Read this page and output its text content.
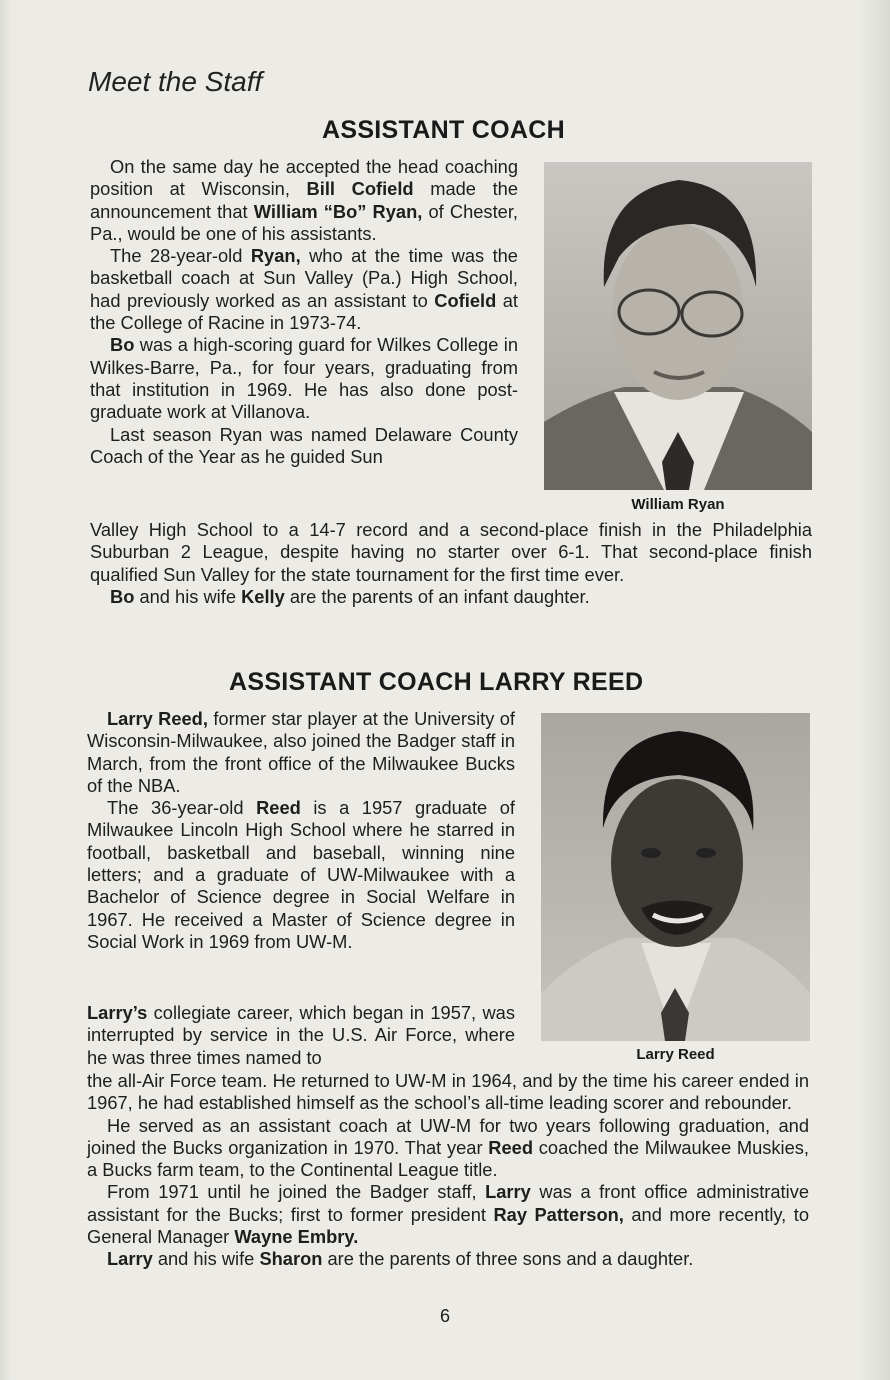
Meet the Staff
ASSISTANT COACH
William Ryan

On the same day he accepted the head coaching position at Wisconsin, Bill Cofield made the announcement that William “Bo” Ryan, of Chester, Pa., would be one of his assistants.

The 28-year-old Ryan, who at the time was the basketball coach at Sun Valley (Pa.) High School, had previously worked as an assistant to Cofield at the College of Racine in 1973-74.

Bo was a high-scoring guard for Wilkes College in Wilkes-Barre, Pa., for four years, graduating from that institution in 1969. He has also done post-graduate work at Villanova.

Last season Ryan was named Delaware County Coach of the Year as he guided Sun

Valley High School to a 14-7 record and a second-place finish in the Philadelphia Suburban 2 League, despite having no starter over 6-1. That second-place finish qualified Sun Valley for the state tournament for the first time ever.

Bo and his wife Kelly are the parents of an infant daughter.

ASSISTANT COACH LARRY REED
Larry Reed

Larry Reed, former star player at the University of Wisconsin-Milwaukee, also joined the Badger staff in March, from the front office of the Milwaukee Bucks of the NBA.

The 36-year-old Reed is a 1957 graduate of Milwaukee Lincoln High School where he starred in football, basketball and baseball, winning nine letters; and a graduate of UW-Milwaukee with a Bachelor of Science degree in Social Welfare in 1967. He received a Master of Science degree in Social Work in 1969 from UW-M.

Larry’s collegiate career, which began in 1957, was interrupted by service in the U.S. Air Force, where he was three times named to

the all-Air Force team. He returned to UW-M in 1964, and by the time his career ended in 1967, he had established himself as the school’s all-time leading scorer and rebounder.

He served as an assistant coach at UW-M for two years following graduation, and joined the Bucks organization in 1970. That year Reed coached the Milwaukee Muskies, a Bucks farm team, to the Continental League title.

From 1971 until he joined the Badger staff, Larry was a front office administrative assistant for the Bucks; first to former president Ray Patterson, and more recently, to General Manager Wayne Embry.

Larry and his wife Sharon are the parents of three sons and a daughter.

6
